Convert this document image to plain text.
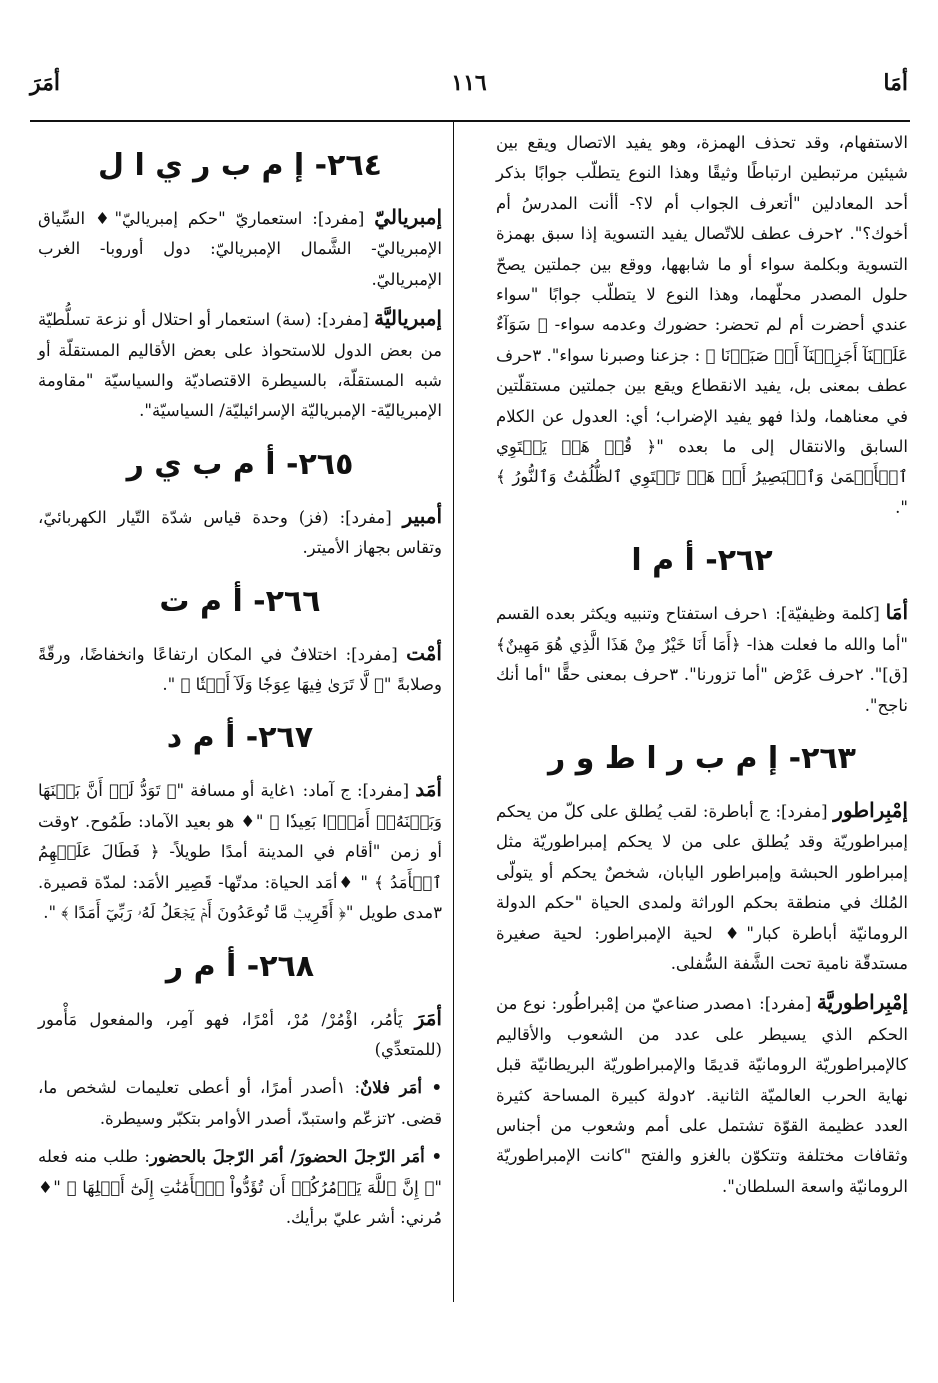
أمَا
١١٦
أمَرَ

الاستفهام، وقد تحذف الهمزة، وهو يفيد الاتصال ويقع بين شيئين مرتبطين ارتباطًا وثيقًا وهذا النوع يتطلّب جوابًا بذكر أحد المعادلين "أتعرف الجواب أم لا؟- أأنت المدرسُ أم أخوك؟". ٢حرف عطف للاتّصال يفيد التسوية إذا سبق بهمزة التسوية وبكلمة سواء أو ما شابهها، ووقع بين جملتين يصحّ حلول المصدر محلّهما، وهذا النوع لا يتطلّب جوابًا "سواء عندي أحضرت أم لم تحضر: حضورك وعدمه سواء- ﴿ سَوَآءٌ عَلَيۡنَآ أَجَزِعۡنَآ أَمۡ صَبَرۡنَا ﴾ : جزعنا وصبرنا سواء". ٣حرف عطف بمعنى بل، يفيد الانقطاع ويقع بين جملتين مستقلّتين في معناهما، ولذا فهو يفيد الإضراب؛ أي: العدول عن الكلام السابق والانتقال إلى ما بعده "﴿ قُلۡ هَلۡ يَسۡتَوِي ٱلۡأَعۡمَىٰ وَٱلۡبَصِيرُ أَمۡ هَلۡ تَسۡتَوِي ٱلظُّلُمَٰتُ وَٱلنُّورُ ﴾ ".

٢٦٢- أ م ا

أمَا [كلمة وظيفيّة]: ١حرف استفتاح وتنبيه ويكثر بعده القسم "أما والله ما فعلت هذا- ﴿أَمَا أَنَا خَيْرٌ مِنْ هَذَا الَّذِي هُوَ مَهِينٌ﴾ [ق]". ٢حرف عَرْض "أما تزورنا". ٣حرف بمعنى حقًّا "أما أنك ناجح".

٢٦٣- إ م ب ر ا ط و ر

إمْبِراطور [مفرد]: ج أباطرة: لقب يُطلق على كلّ من يحكم إمبراطوريّة وقد يُطلق على من لا يحكم إمبراطوريّة مثل إمبراطور الحبشة وإمبراطور اليابان، شخصٌ يحكم أو يتولّى المُلك في منطقة بحكم الوراثة ولمدى الحياة "حكم الدولة الرومانيّة أباطرة كبار"♦ لحية الإمبراطور: لحية صغيرة مستدقّة نامية تحت الشَّفة السُّفلى.

إمْبِراطوريَّة [مفرد]: ١مصدر صناعيّ من إمْبراطُور: نوع من الحكم الذي يسيطر على عدد من الشعوب والأقاليم كالإمبراطوريّة الرومانيّة قديمًا والإمبراطوريّة البريطانيّة قبل نهاية الحرب العالميّة الثانية. ٢دولة كبيرة المساحة كثيرة العدد عظيمة القوّة تشتمل على أمم وشعوب من أجناس وثقافات مختلفة وتتكوّن بالغزو والفتح "كانت الإمبراطوريّة الرومانيّة واسعة السلطان".

٢٦٤- إ م ب ر ي ا ل

إمبرياليّ [مفرد]: استعماريّ "حكم إمبرياليّ"♦ السِّياق الإمبرياليّ- الشَّمال الإمبرياليّ: دول أوروبا- الغرب الإمبرياليّ.

إمبرياليَّة [مفرد]: (سة) استعمار أو احتلال أو نزعة تسلُّطيّة من بعض الدول للاستحواذ على بعض الأقاليم المستقلّة أو شبه المستقلّة، بالسيطرة الاقتصاديّة والسياسيّة "مقاومة الإمبرياليّة- الإمبرياليّة الإسرائيليّة/ السياسيّة".

٢٦٥- أ م ب ي ر

أمبير [مفرد]: (فز) وحدة قياس شدّة التّيار الكهربائيّ، وتقاس بجهاز الأميتر.

٢٦٦- أ م ت

أمْت [مفرد]: اختلافٌ في المكان ارتفاعًا وانخفاضًا، ورقّةً وصلابةً "﴿ لَّا تَرَىٰ فِيهَا عِوَجٗا وَلَآ أَمۡتٗا ﴾ ".

٢٦٧- أ م د

أمَد [مفرد]: ج آماد: ١غاية أو مسافة "﴿ تَوَدُّ لَوۡ أَنَّ بَيۡنَهَا وَبَيۡنَهُۥٓ أَمَدَۢا بَعِيدٗا ﴾ "♦ هو بعيد الآماد: طَمُوح. ٢وقت أو زمن "أقام في المدينة أمدًا طويلاً- ﴿ فَطَالَ عَلَيۡهِمُ ٱلۡأَمَدُ ﴾ " ♦أمَد الحياة: مدتّها- قَصِير الأمَد: لمدّة قصيرة. ٣مدى طويل "﴿ أَقَرِيبٞ مَّا تُوعَدُونَ أَمۡ يَجۡعَلُ لَهُۥ رَبِّيٓ أَمَدًا ﴾ ".

٢٦٨- أ م ر

أمَرَ يَأمُر، اؤْمُرْ/ مُرْ، أمْرًا، فهو آمِر، والمفعول مَأْمور (للمتعدِّي)

• أمَر فلانٌ: ١أصدر أمرًا، أو أعطى تعليمات لشخص ما، قضى. ٢تزعّم واستبدّ، أصدر الأوامر بتكبّر وسيطرة.

• أمَر الرّجلَ الحضورَ/ أمَر الرّجلَ بالحضور: طلب منه فعله "﴿ إِنَّ ٱللَّهَ يَأۡمُرُكُمۡ أَن تُؤَدُّواْ ٱلۡأَمَٰنَٰتِ إِلَىٰٓ أَهۡلِهَا ﴾ "♦ مُرني: أشر عليّ برأيك.
